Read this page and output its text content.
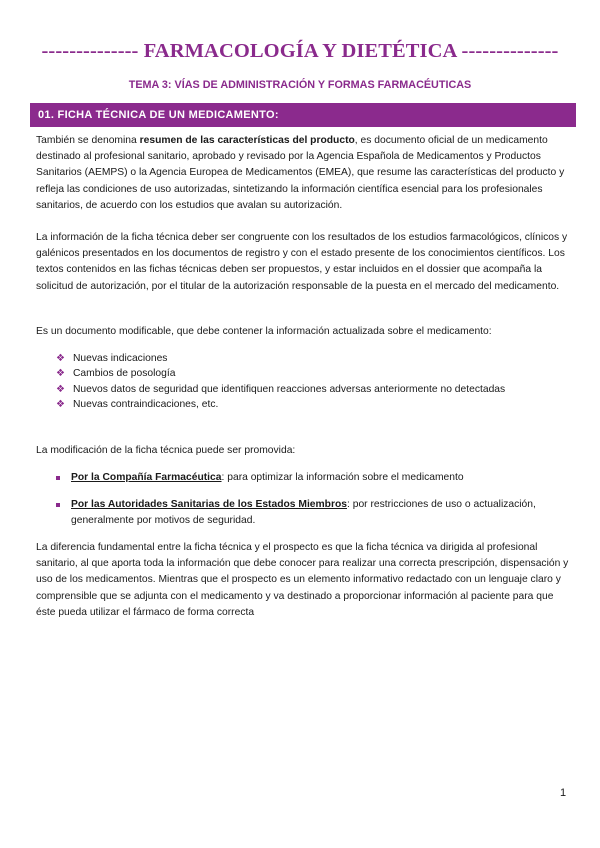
-------------- FARMACOLOGÍA Y DIETÉTICA --------------
TEMA 3: VÍAS DE ADMINISTRACIÓN Y FORMAS FARMACÉUTICAS
01. FICHA TÉCNICA DE UN MEDICAMENTO:

También se denomina resumen de las características del producto, es documento oficial de un medicamento destinado al profesional sanitario, aprobado y revisado por la Agencia Española de Medicamentos y Productos Sanitarios (AEMPS) o la Agencia Europea de Medicamentos (EMEA), que resume las características del producto y refleja las condiciones de uso autorizadas, sintetizando la información científica esencial para los profesionales sanitarios, de acuerdo con los estudios que avalan su autorización.

La información de la ficha técnica deber ser congruente con los resultados de los estudios farmacológicos, clínicos y galénicos presentados en los documentos de registro y con el estado presente de los conocimientos científicos. Los textos contenidos en las fichas técnicas deben ser propuestos, y estar incluidos en el dossier que acompaña la solicitud de autorización, por el titular de la autorización responsable de la puesta en el mercado del medicamento.

Es un documento modificable, que debe contener la información actualizada sobre el medicamento:

❖ Nuevas indicaciones
❖ Cambios de posología
❖ Nuevos datos de seguridad que identifiquen reacciones adversas anteriormente no detectadas
❖ Nuevas contraindicaciones, etc.

La modificación de la ficha técnica puede ser promovida:

Por la Compañía Farmacéutica: para optimizar la información sobre el medicamento
Por las Autoridades Sanitarias de los Estados Miembros: por restricciones de uso o actualización, generalmente por motivos de seguridad.

La diferencia fundamental entre la ficha técnica y el prospecto es que la ficha técnica va dirigida al profesional sanitario, al que aporta toda la información que debe conocer para realizar una correcta prescripción, dispensación y uso de los medicamentos. Mientras que el prospecto es un elemento informativo redactado con un lenguaje claro y comprensible que se adjunta con el medicamento y va destinado a proporcionar información al paciente para que éste pueda utilizar el fármaco de forma correcta

1
